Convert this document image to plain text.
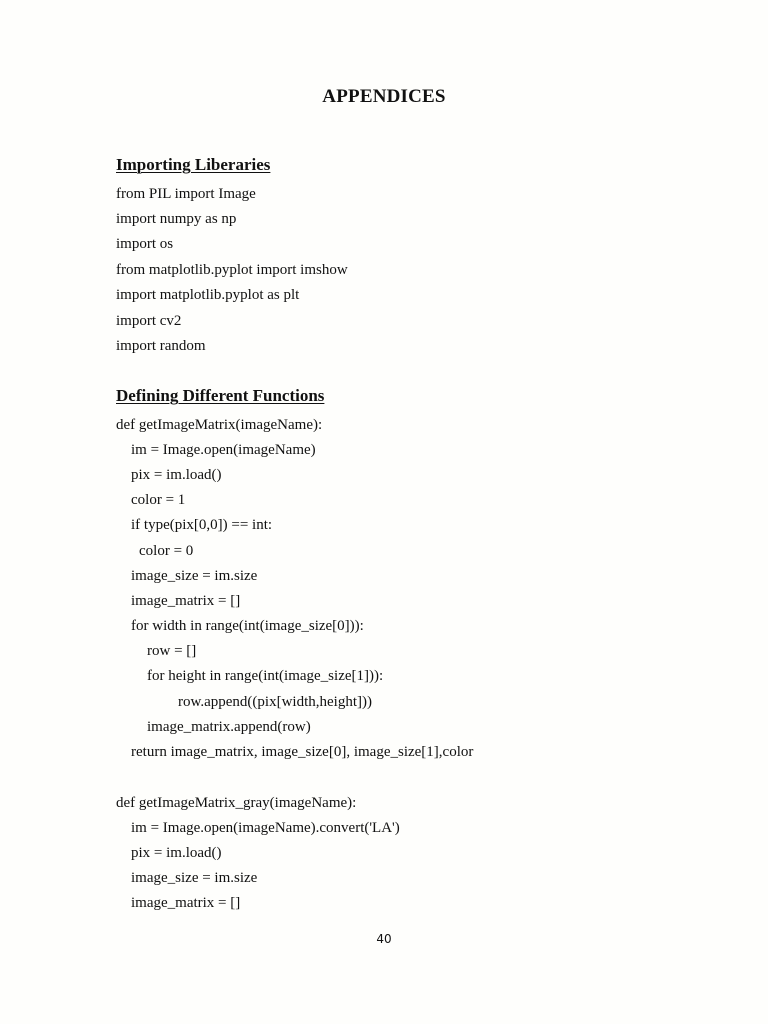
APPENDICES
Importing Liberaries
from PIL import Image
import numpy as np
import os
from matplotlib.pyplot import imshow
import matplotlib.pyplot as plt
import cv2
import random
Defining Different Functions
def getImageMatrix(imageName):
im = Image.open(imageName)
pix = im.load()
color = 1
if type(pix[0,0]) == int:
color = 0
image_size = im.size
image_matrix = []
for width in range(int(image_size[0])):
row = []
for height in range(int(image_size[1])):
row.append((pix[width,height]))
image_matrix.append(row)
return image_matrix, image_size[0], image_size[1],color
def getImageMatrix_gray(imageName):
im = Image.open(imageName).convert('LA')
pix = im.load()
image_size = im.size
image_matrix = []
40
